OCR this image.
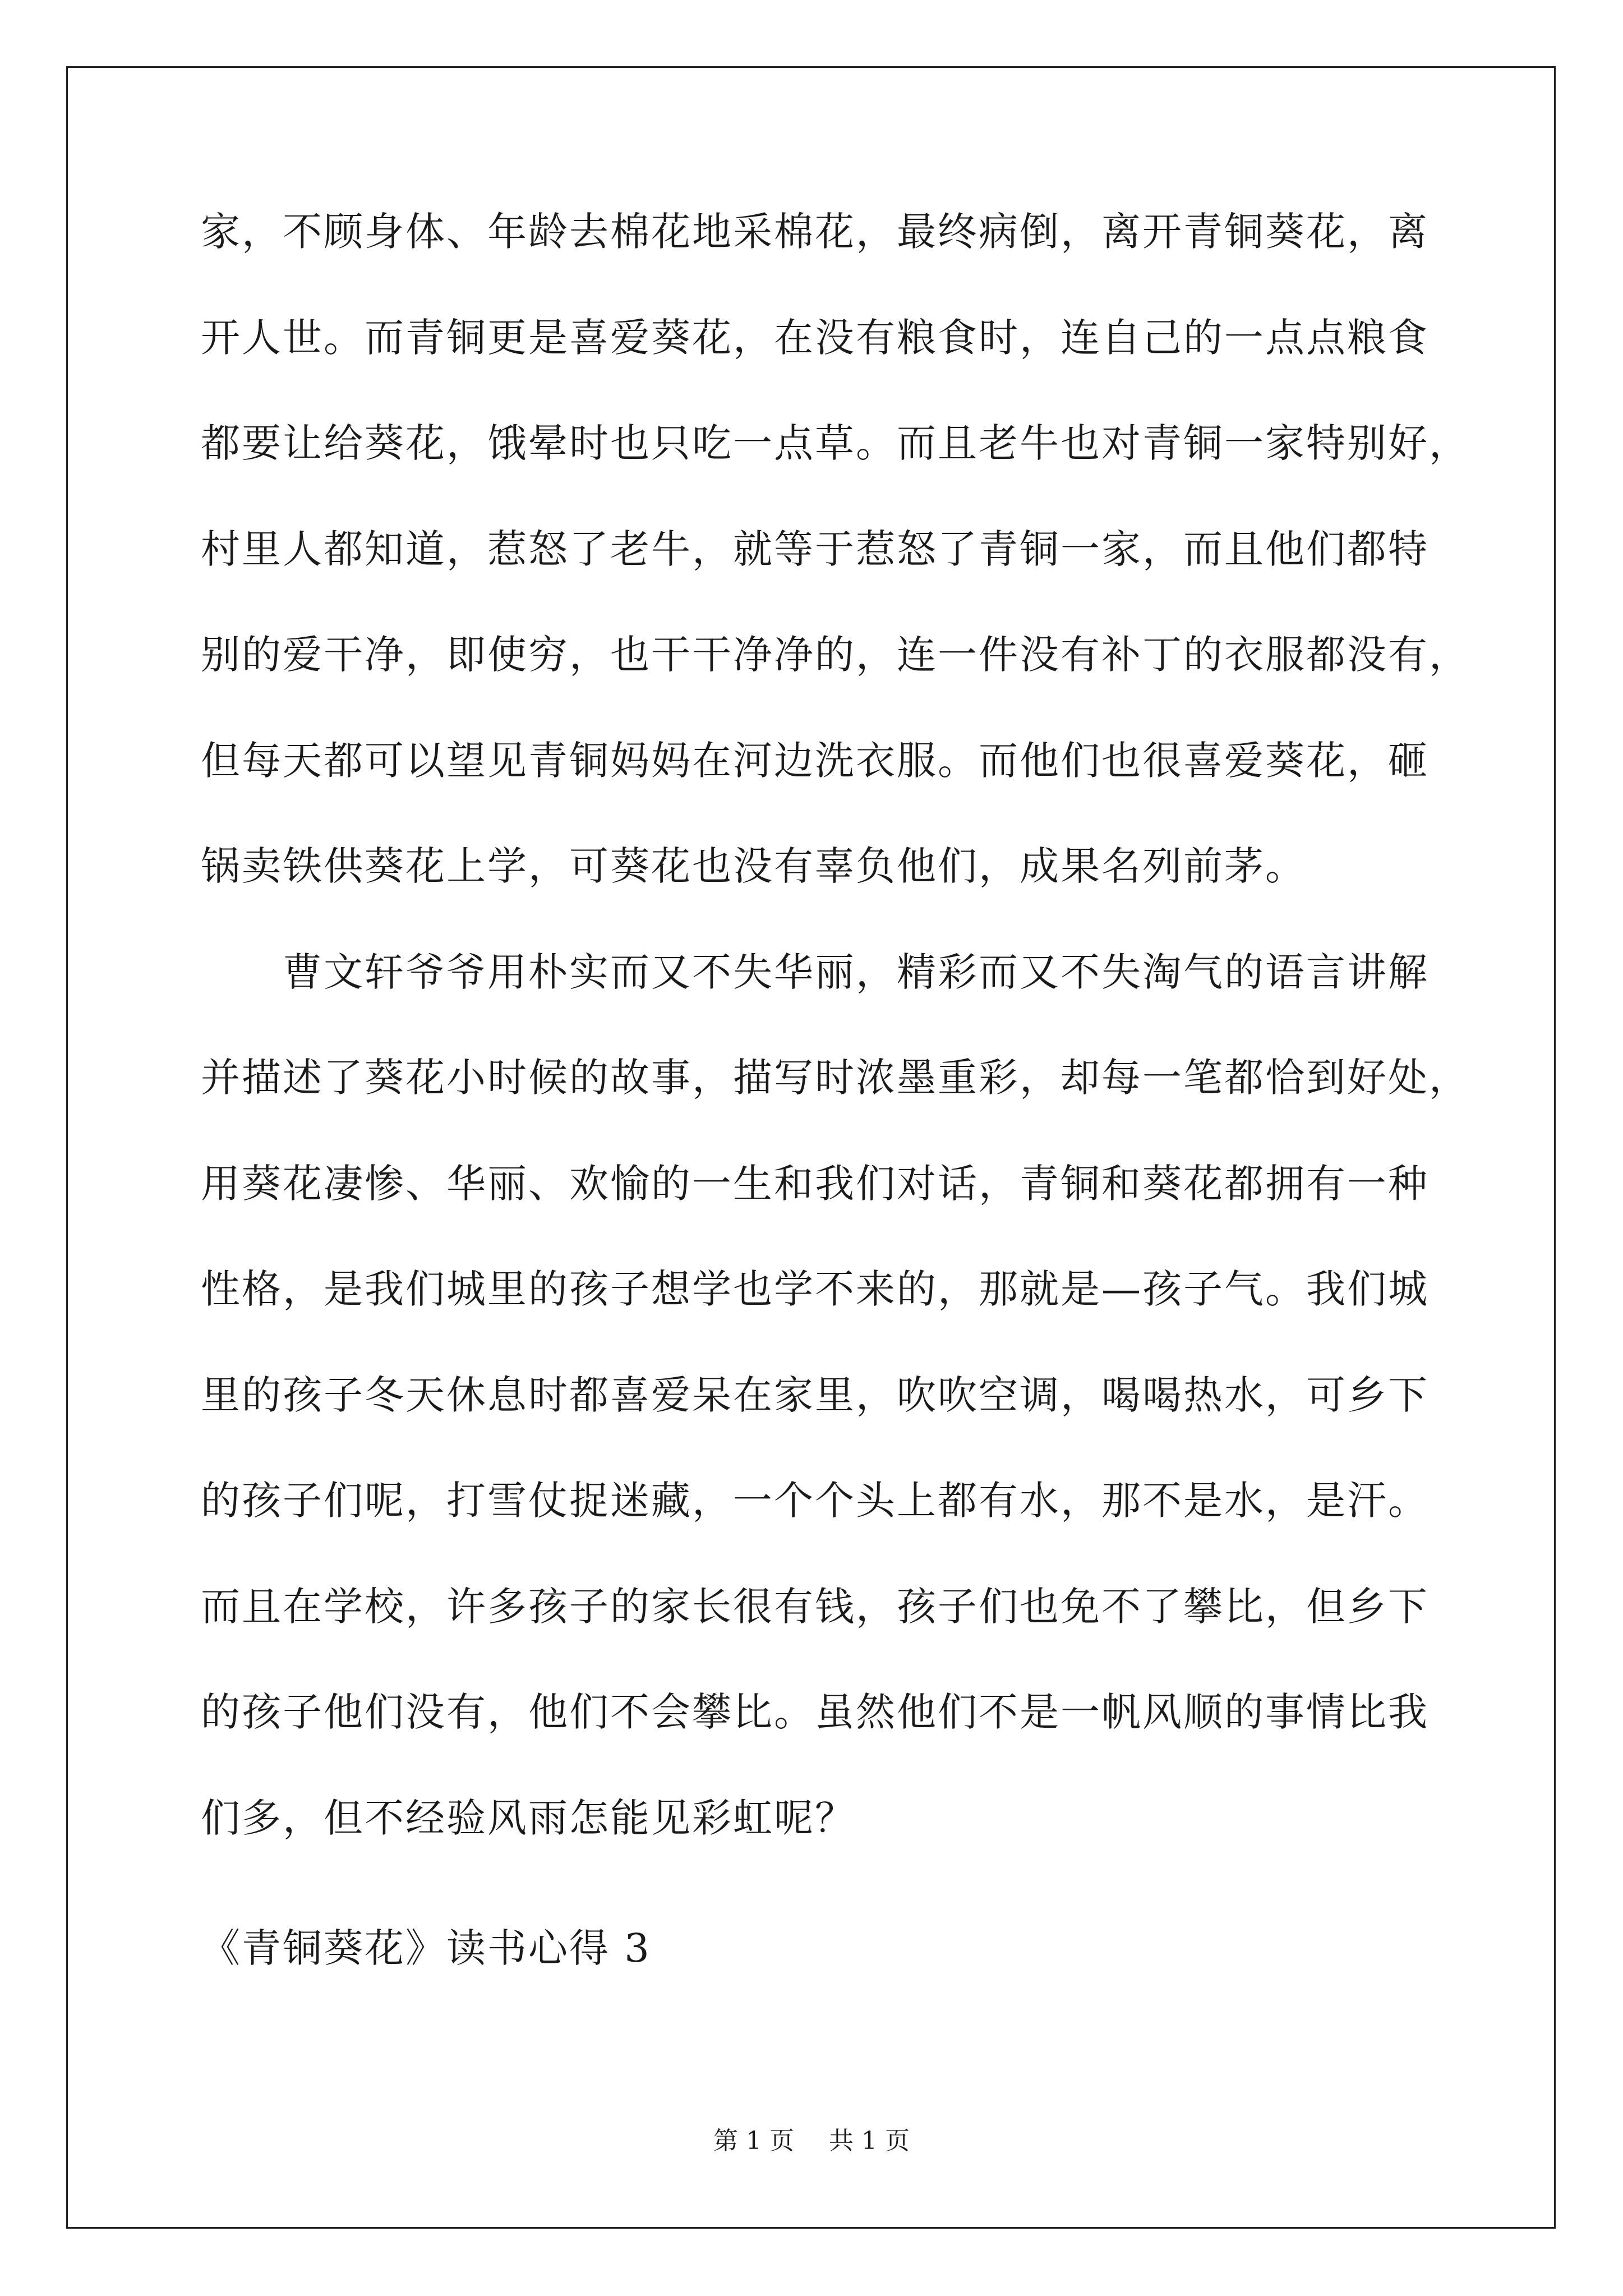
家，不顾身体、年龄去棉花地采棉花，最终病倒，离开青铜葵花，离
开人世。而青铜更是喜爱葵花，在没有粮食时，连自己的一点点粮食
都要让给葵花，饿晕时也只吃一点草。而且老牛也对青铜一家特别好，
村里人都知道，惹怒了老牛，就等于惹怒了青铜一家，而且他们都特
别的爱干净，即使穷，也干干净净的，连一件没有补丁的衣服都没有，
但每天都可以望见青铜妈妈在河边洗衣服。而他们也很喜爱葵花，砸
锅卖铁供葵花上学，可葵花也没有辜负他们，成果名列前茅。
　　曹文轩爷爷用朴实而又不失华丽，精彩而又不失淘气的语言讲解
并描述了葵花小时候的故事，描写时浓墨重彩，却每一笔都恰到好处，
用葵花凄惨、华丽、欢愉的一生和我们对话，青铜和葵花都拥有一种
性格，是我们城里的孩子想学也学不来的，那就是—孩子气。我们城
里的孩子冬天休息时都喜爱呆在家里，吹吹空调，喝喝热水，可乡下
的孩子们呢，打雪仗捉迷藏，一个个头上都有水，那不是水，是汗。
而且在学校，许多孩子的家长很有钱，孩子们也免不了攀比，但乡下
的孩子他们没有，他们不会攀比。虽然他们不是一帆风顺的事情比我
们多，但不经验风雨怎能见彩虹呢？
《青铜葵花》读书心得 3
第 1 页 共 1 页
